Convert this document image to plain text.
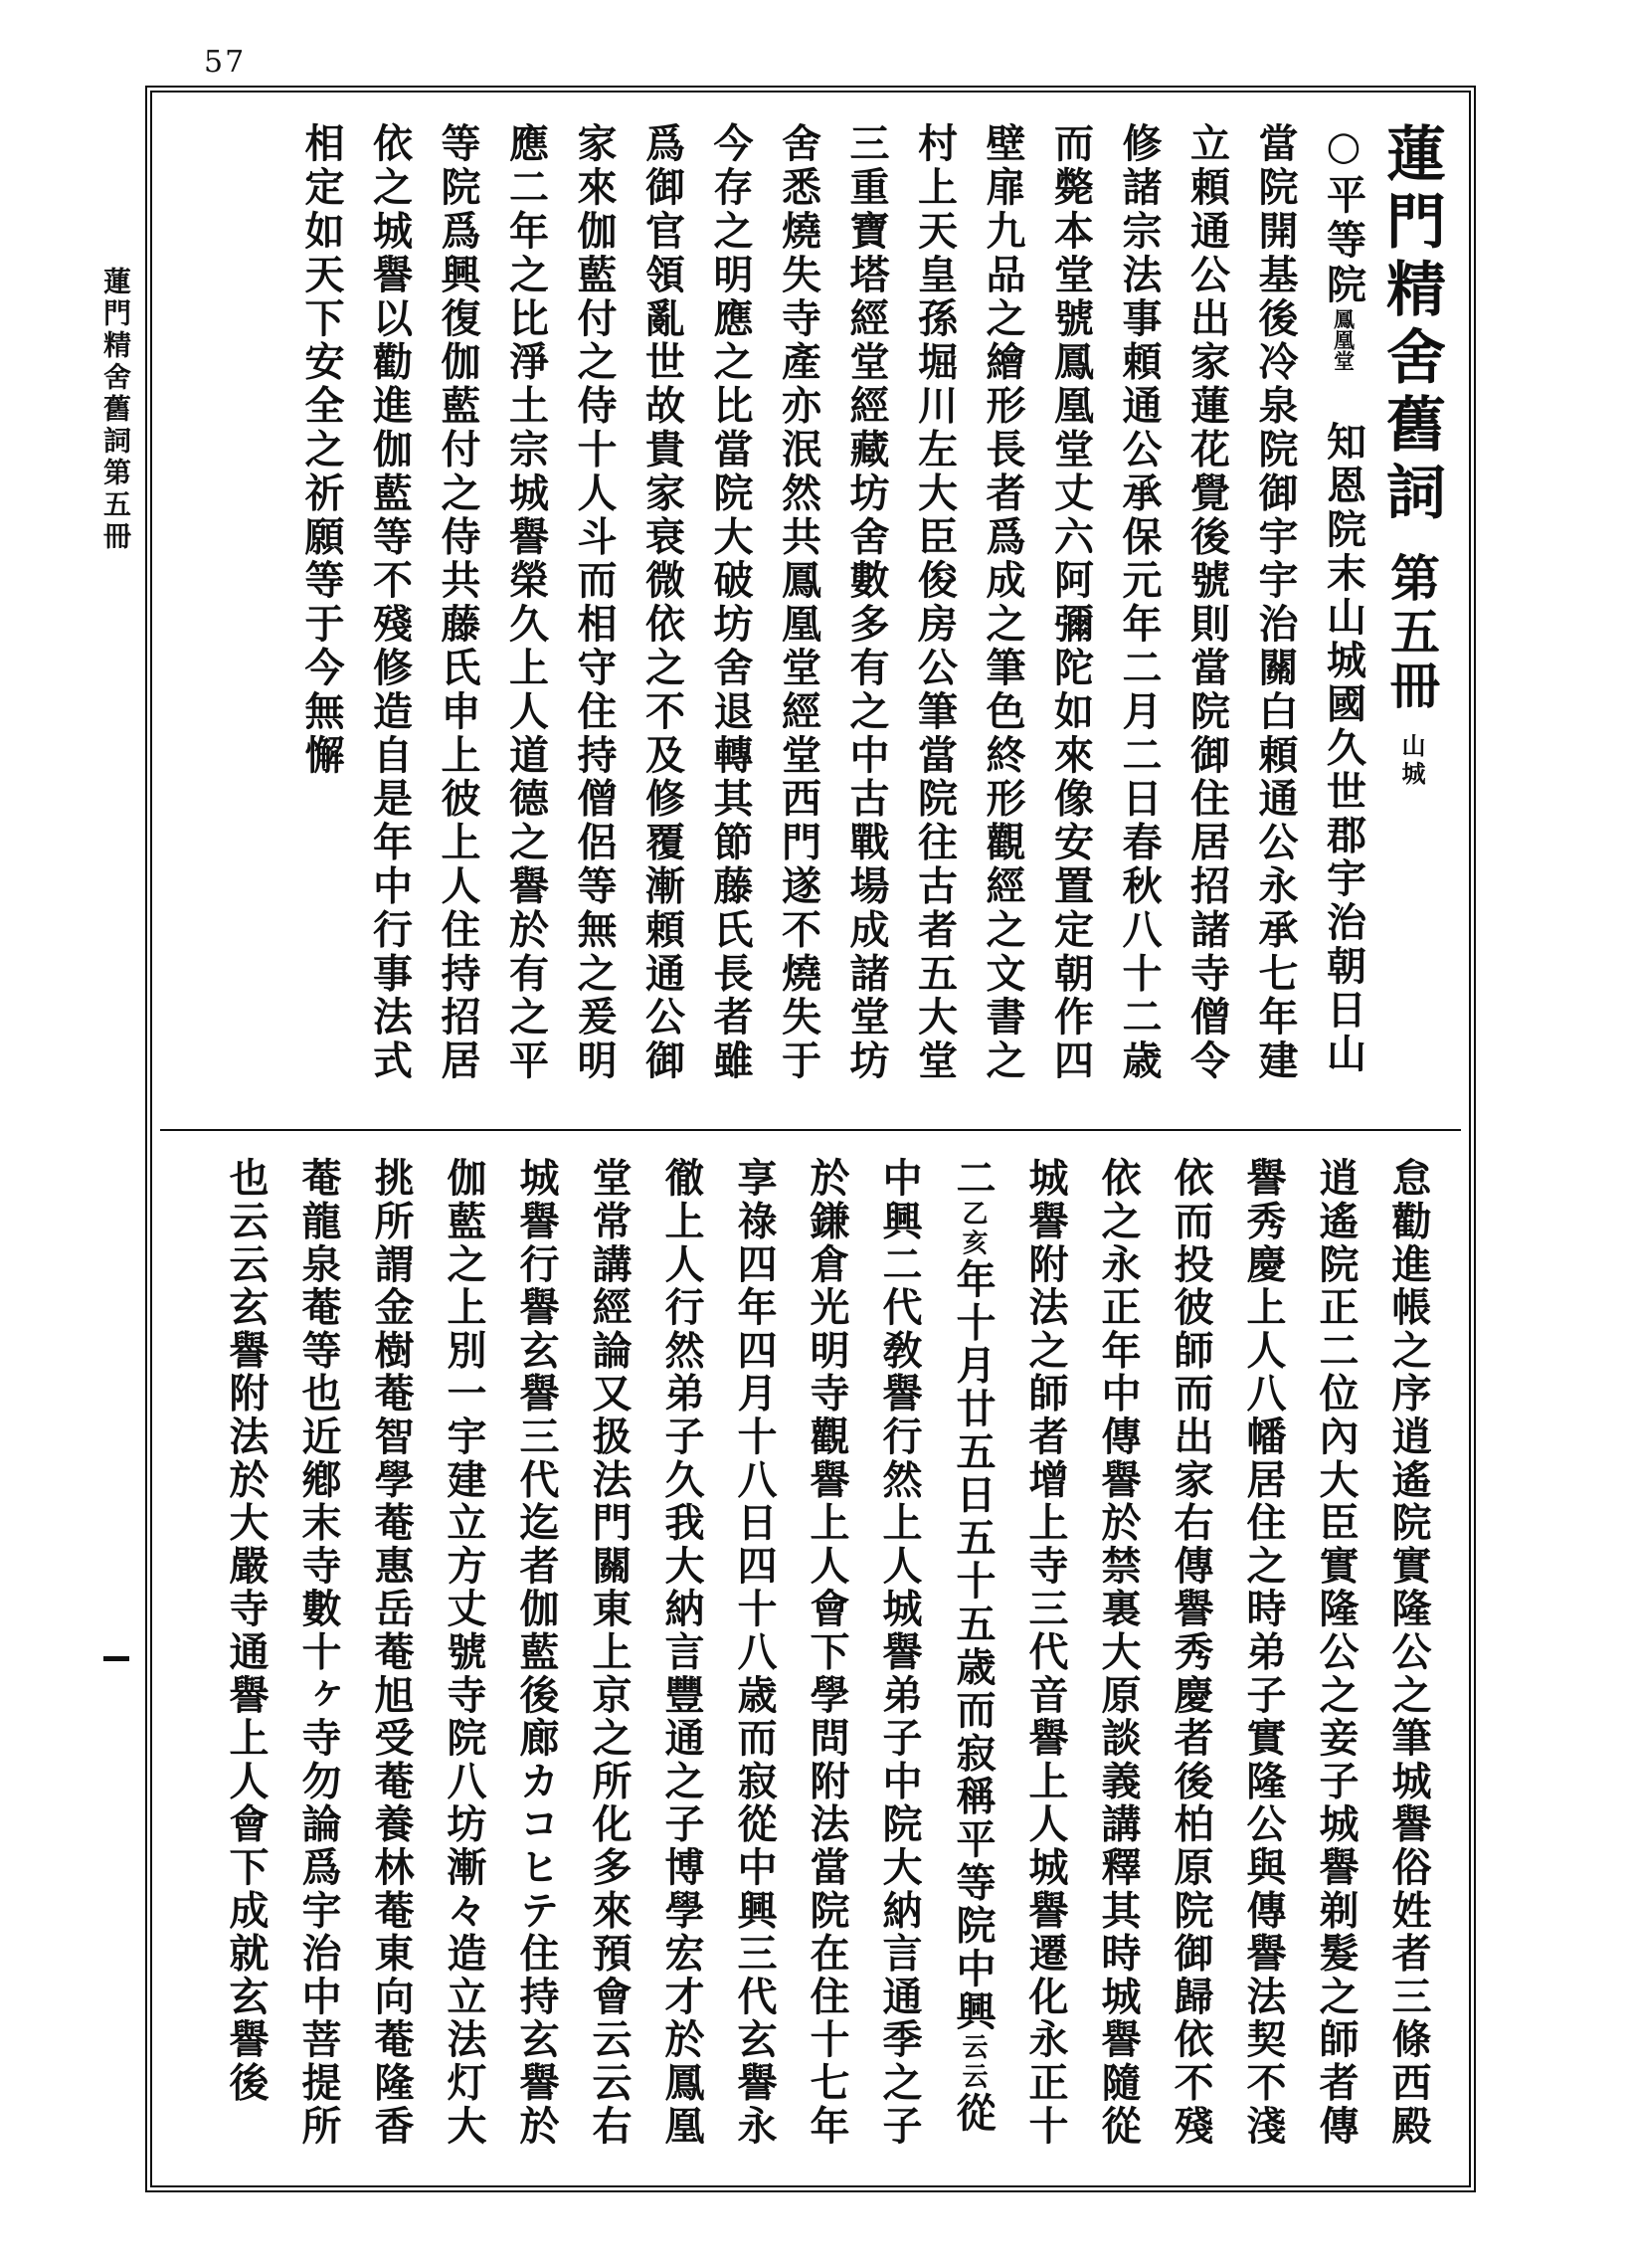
57
蓮門精舍舊詞第五冊	蓮門精舍舊詞第五冊山城
○平等院鳳凰堂知恩院末山城國久世郡宇治朝日山當院開基後冷泉院御宇宇治關白頼通公永承七年建立頼通公出家蓮花覺後號則當院御住居招諸寺僧令修諸宗法事頼通公承保元年二月二日春秋八十二歳而斃本堂號鳳凰堂丈六阿彌陀如來像安置定朝作四壁扉九品之繪形長者爲成之筆色終形觀經之文書之村上天皇孫堀川左大臣俊房公筆當院往古者五大堂三重寶塔經堂經藏坊舍數多有之中古戰場成諸堂坊舍悉燒失寺產亦泯然共鳳凰堂經堂西門遂不燒失于今存之明應之比當院大破坊舍退轉其節藤氏長者雖爲御官領亂世故貴家衰微依之不及修覆漸頼通公御家來伽藍付之侍十人斗而相守住持僧侶等無之爰明應二年之比淨土宗城譽榮久上人道德之譽於有之平等院爲興復伽藍付之侍共藤氏申上彼上人住持招居依之城譽以勸進伽藍等不殘修造自是年中行事法式相定如天下安全之祈願等于今無懈
怠勸進帳之序逍遙院實隆公之筆城譽俗姓者三條西殿逍遙院正二位內大臣實隆公之妾子城譽剃髮之師者傳譽秀慶上人八幡居住之時弟子實隆公與傳譽法契不淺依而投彼師而出家右傳譽秀慶者後柏原院御歸依不殘依之永正年中傳譽於禁裏大原談義講釋其時城譽隨從城譽附法之師者增上寺三代音譽上人城譽遷化永正十二乙亥年十月廿五日五十五歳而寂稱平等院中興云云從中興二代敎譽行然上人城譽弟子中院大納言通季之子於鎌倉光明寺觀譽上人會下學問附法當院在住十七年享祿四年四月十八日四十八歳而寂從中興三代玄譽永徹上人行然弟子久我大納言豐通之子博學宏才於鳳凰堂常講經論又扱法門關東上京之所化多來預會云云右城譽行譽玄譽三代迄者伽藍後廊カコヒテ住持玄譽於伽藍之上別一宇建立方丈號寺院八坊漸々造立法灯大挑所謂金樹菴智學菴惠岳菴旭受菴養林菴東向菴隆香菴龍泉菴等也近鄕末寺數十ヶ寺勿論爲宇治中菩提所也云云玄譽附法於大嚴寺通譽上人會下成就玄譽後
